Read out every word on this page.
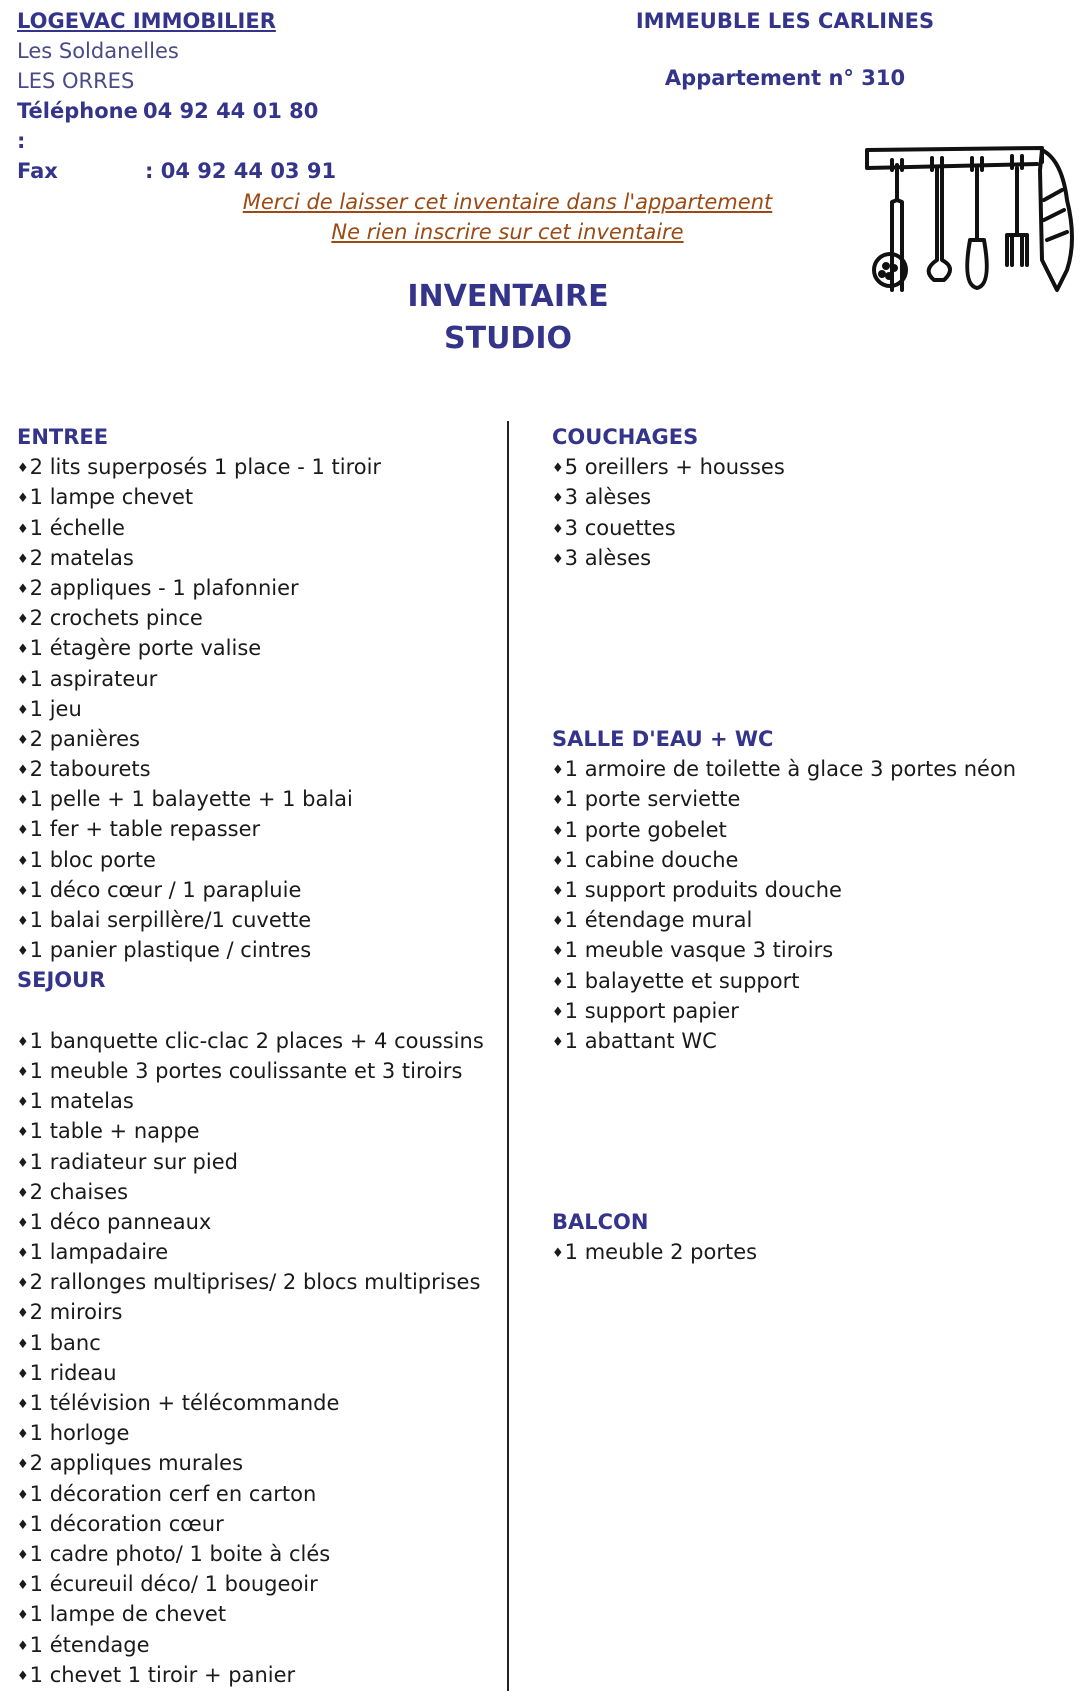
LOGEVAC IMMOBILIER
Les Soldanelles
LES ORRES
Téléphone :
04 92 44 01 80
Fax	: 04 92 44 03 91
IMMEUBLE LES CARLINES
Appartement n° 310
Merci de laisser cet inventaire dans l'appartement
Ne rien inscrire sur cet inventaire
INVENTAIRE
STUDIO
ENTREE
♦ 2 lits superposés 1 place - 1 tiroir
♦ 1 lampe chevet
♦ 1 échelle
♦ 2 matelas
♦ 2 appliques - 1 plafonnier
♦ 2 crochets pince
♦ 1 étagère porte valise
♦ 1 aspirateur
♦ 1 jeu
♦ 2 panières
♦ 2 tabourets
♦ 1 pelle + 1 balayette + 1 balai
♦ 1 fer + table repasser
♦ 1 bloc porte
♦ 1 déco cœur / 1 parapluie
♦ 1 balai serpillère/1 cuvette
♦ 1 panier plastique / cintres
SEJOUR
♦ 1 banquette clic-clac 2 places + 4 coussins
♦ 1 meuble 3 portes coulissante et 3 tiroirs
♦ 1 matelas
♦ 1 table + nappe
♦ 1 radiateur sur pied
♦ 2 chaises
♦ 1 déco panneaux
♦ 1 lampadaire
♦ 2 rallonges multiprises/ 2 blocs multiprises
♦ 2 miroirs
♦ 1 banc
♦ 1 rideau
♦ 1 télévision + télécommande
♦ 1 horloge
♦ 2 appliques murales
♦ 1 décoration cerf en carton
♦ 1 décoration cœur
♦ 1 cadre photo/ 1 boite à clés
♦ 1 écureuil déco/ 1 bougeoir
♦ 1 lampe de chevet
♦ 1 étendage
♦ 1 chevet 1 tiroir + panier
COUCHAGES
♦ 5 oreillers + housses
♦ 3 alèses
♦ 3 couettes
♦ 3 alèses
SALLE D'EAU + WC
♦ 1 armoire de toilette à glace 3 portes néon
♦ 1 porte serviette
♦ 1 porte gobelet
♦ 1 cabine douche
♦ 1 support produits douche
♦ 1 étendage mural
♦ 1 meuble vasque 3 tiroirs
♦ 1 balayette et support
♦ 1 support papier
♦ 1 abattant WC
BALCON
♦ 1 meuble 2 portes
